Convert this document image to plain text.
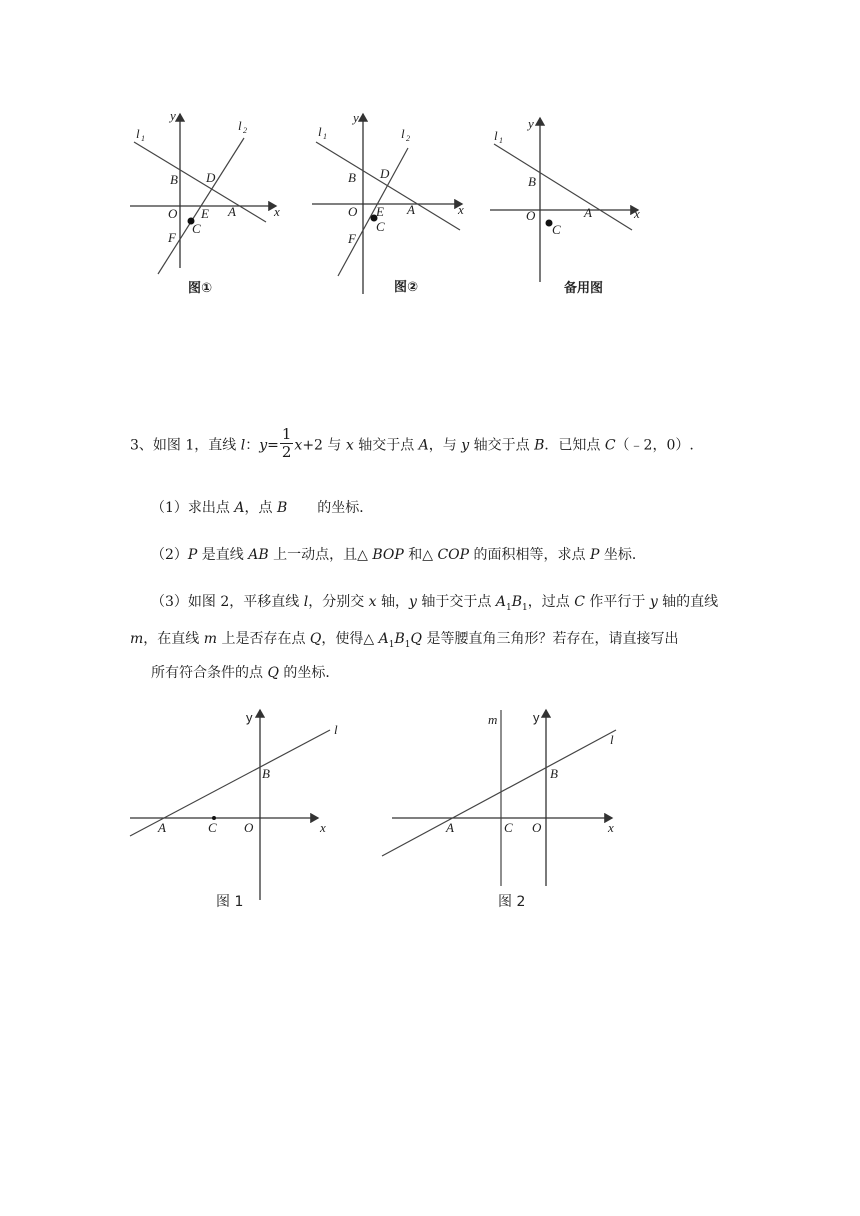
y
x
l 1
l 2
B D
O E A
C
F
图①
y
x
l 1	l 2
B D
O E A
C
F
图②
y
x
l 1
B
O	A
C
备用图
3、如图 1，直线 l：$y= \frac{1}{2} x+2$ 与 x 轴交于点 A，与 y 轴交于点 B．已知点 C（﹣2，0）.
（1）求出点 A，点 B 的坐标．
（2）P 是直线 AB 上一动点，且△ BOP 和△ COP 的面积相等，求点 P 坐标．
（3）如图 2，平移直线 l，分别交 x 轴，y 轴于交于点 $A_1B_1$，过点 C 作平行于 y 轴的直线
m，在直线 m 上是否存在点 Q，使得△ $A_1B_1Q$ 是等腰直角三角形？若存在，请直接写出
所有符合条件的点 Q 的坐标．
y
x
l
B
A	C O
图 1
m	y
x
l
B
A	C O
图 2
